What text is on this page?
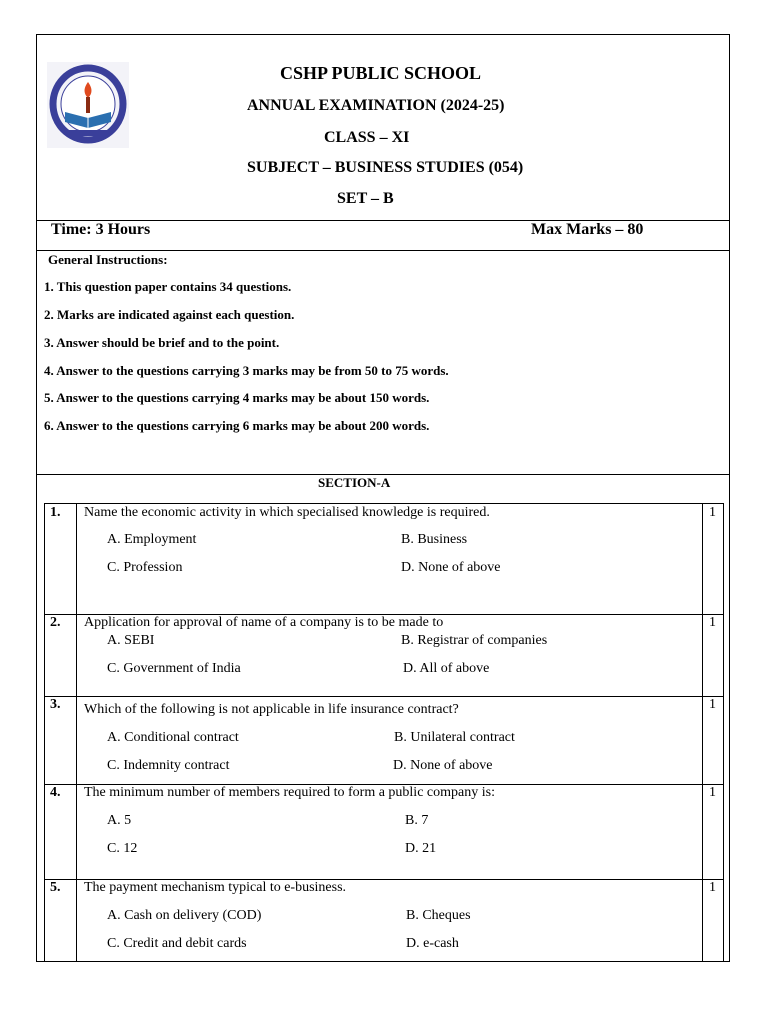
CSHP PUBLIC SCHOOL
ANNUAL EXAMINATION (2024-25)
CLASS – XI
SUBJECT – BUSINESS STUDIES (054)
SET – B
Time: 3 Hours	Max Marks – 80
General Instructions:
1. This question paper contains 34 questions.
2. Marks are indicated against each question.
3. Answer should be brief and to the point.
4. Answer to the questions carrying 3 marks may be from 50 to 75 words.
5. Answer to the questions carrying 4 marks may be about 150 words.
6. Answer to the questions carrying 6 marks may be about 200 words.
SECTION-A
1. Name the economic activity in which specialised knowledge is required.	1
A. Employment	B. Business
C. Profession	D. None of above
2. Application for approval of name of a company is to be made to	1
A. SEBI	B. Registrar of companies
C. Government of India	D. All of above
3. Which of the following is not applicable in life insurance contract?	1
A. Conditional contract	B. Unilateral contract
C. Indemnity contract	D. None of above
4. The minimum number of members required to form a public company is:	1
A. 5	B. 7
C. 12	D. 21
5. The payment mechanism typical to e-business.	1
A. Cash on delivery (COD)	B. Cheques
C. Credit and debit cards	D. e-cash
